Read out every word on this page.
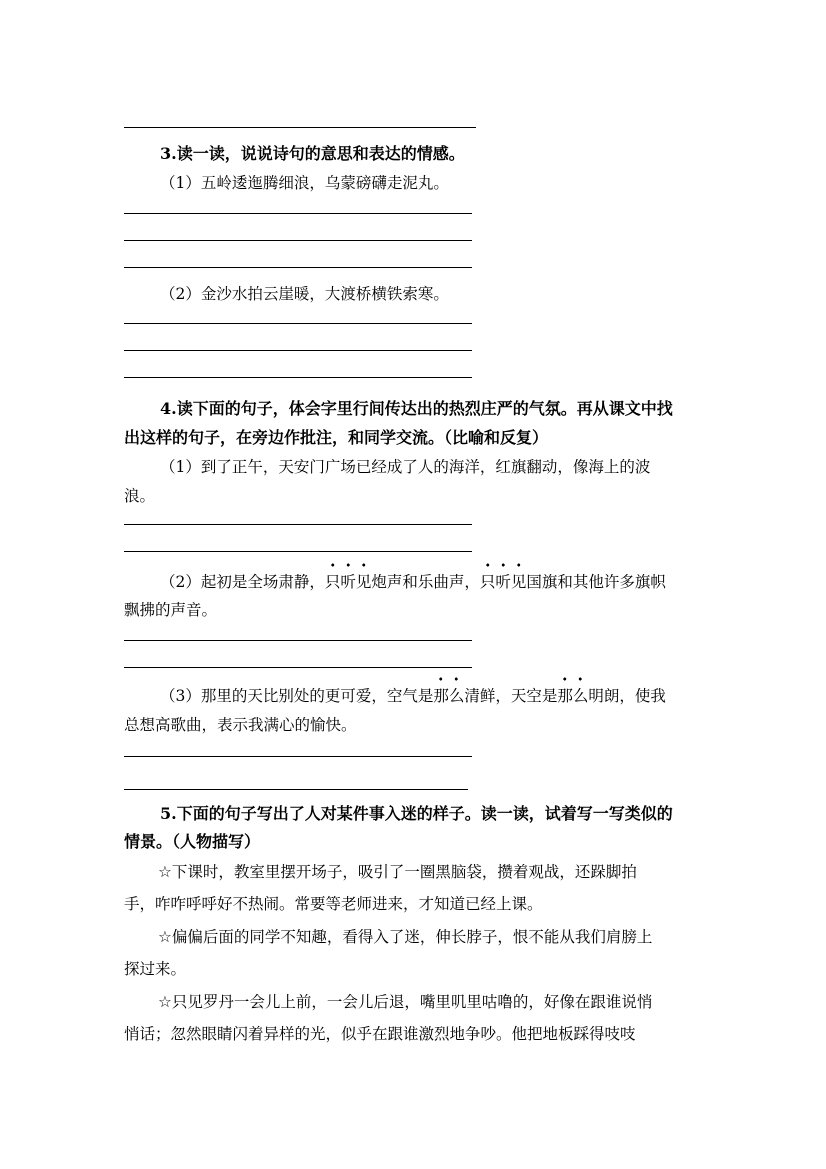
3.读一读，说说诗句的意思和表达的情感。
（1）五岭逶迤腾细浪，乌蒙磅礴走泥丸。
（2）金沙水拍云崖暖，大渡桥横铁索寒。
4.读下面的句子，体会字里行间传达出的热烈庄严的气氛。再从课文中找
出这样的句子，在旁边作批注，和同学交流。（比喻和反复）
（1）到了正午，天安门广场已经成了人的海洋，红旗翻动，像海上的波
浪。
（2）起初是全场肃静，只听见炮声和乐曲声，只听见国旗和其他许多旗帜
飘拂的声音。
（3）那里的天比别处的更可爱，空气是那么清鲜，天空是那么明朗，使我
总想高歌曲，表示我满心的愉快。
5.下面的句子写出了人对某件事入迷的样子。读一读，试着写一写类似的
情景。（人物描写）
☆下课时，教室里摆开场子，吸引了一圈黑脑袋，攒着观战，还跺脚拍
手，咋咋呼呼好不热闹。常要等老师进来，才知道已经上课。
☆偏偏后面的同学不知趣，看得入了迷，伸长脖子，恨不能从我们肩膀上
探过来。
☆只见罗丹一会儿上前，一会儿后退，嘴里叽里咕噜的，好像在跟谁说悄
悄话；忽然眼睛闪着异样的光，似乎在跟谁激烈地争吵。他把地板踩得吱吱
